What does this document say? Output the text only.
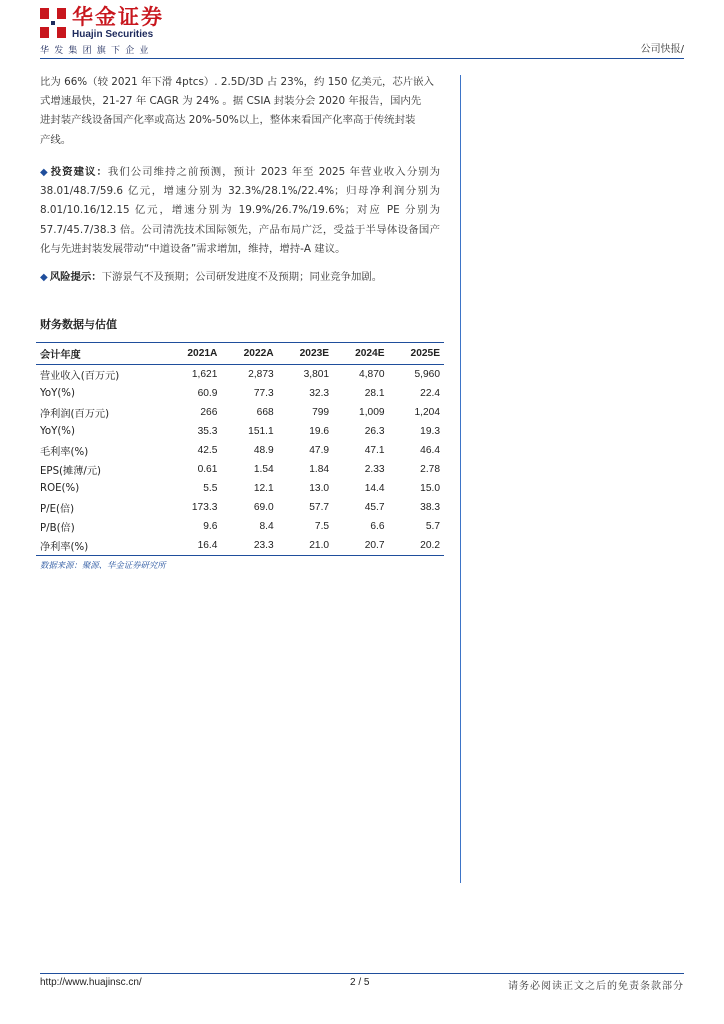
华金证券
Huajin Securities
华发集团旗下企业	公司快报/
比为 66%（较 2021 年下滑 4ptcs）. 2.5D/3D 占 23%，约 150 亿美元，芯片嵌入
式增速最快，21-27 年 CAGR 为 24% 。据 CSIA 封装分会 2020 年报告，国内先
进封装产线设备国产化率或高达 20%-50%以上，整体来看国产化率高于传统封装
产线。
◆ 投资建议：我们公司维持之前预测，预计 2023 年至 2025 年营业收入分别为 38.01/48.7/59.6 亿元，增速分别为 32.3%/28.1%/22.4%；归母净利润分别为 8.01/10.16/12.15 亿元，增速分别为 19.9%/26.7%/19.6%；对应 PE 分别为 57.7/45.7/38.3 倍。公司清洗技术国际领先，产品布局广泛，受益于半导体设备国产化与先进封装发展带动“中道设备”需求增加，维持，增持-A 建议。
◆ 风险提示：下游景气不及预期；公司研发进度不及预期；同业竞争加剧。
财务数据与估值
会计年度	2021A	2022A	2023E	2024E	2025E
营业收入(百万元)	1,621	2,873	3,801	4,870	5,960
YoY(%)	60.9	77.3	32.3	28.1	22.4
净利润(百万元)	266	668	799	1,009	1,204
YoY(%)	35.3	151.1	19.6	26.3	19.3
毛利率(%)	42.5	48.9	47.9	47.1	46.4
EPS(摊薄/元)	0.61	1.54	1.84	2.33	2.78
ROE(%)	5.5	12.1	13.0	14.4	15.0
P/E(倍)	173.3	69.0	57.7	45.7	38.3
P/B(倍)	9.6	8.4	7.5	6.6	5.7
净利率(%)	16.4	23.3	21.0	20.7	20.2
数据来源：聚源、华金证券研究所
http://www.huajinsc.cn/	2 / 5	请务必阅读正文之后的免责条款部分
